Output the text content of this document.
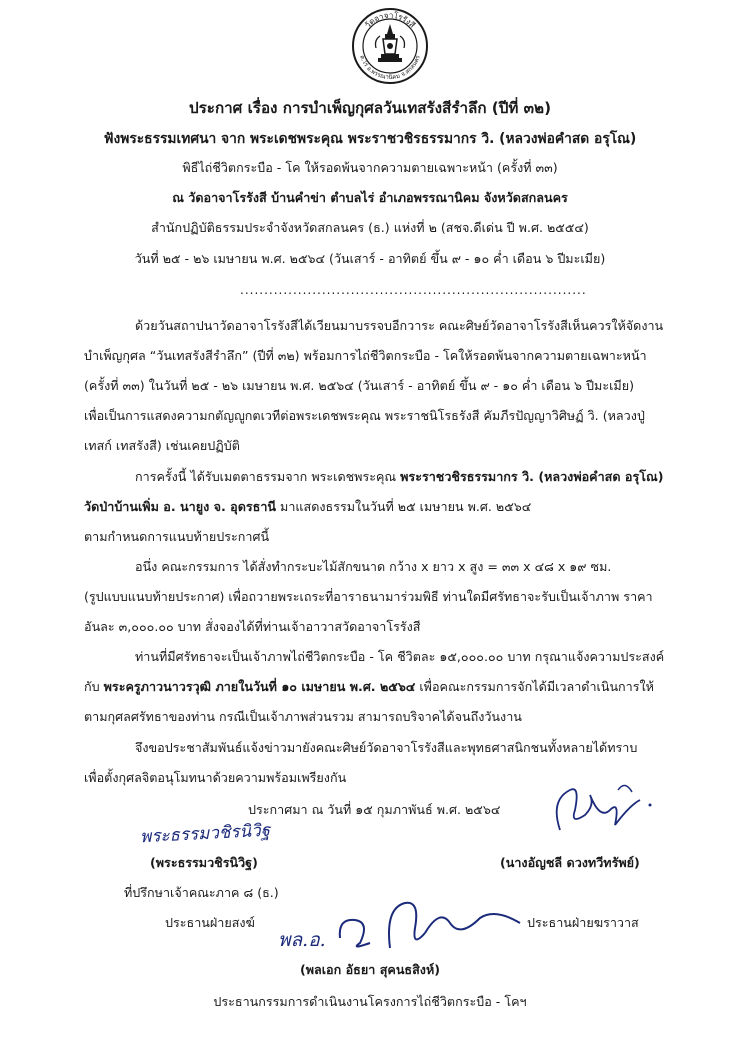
วัดอาจาโรรังสี
ต.ไร่ อ.พรรณานิคม จ.สกลนคร
ประกาศ เรื่อง การบำเพ็ญกุศลวันเทสรังสีรำลึก (ปีที่ ๓๒)
ฟังพระธรรมเทศนา จาก พระเดชพระคุณ พระราชวชิรธรรมากร วิ. (หลวงพ่อคำสด อรุโณ)
พิธีไถ่ชีวิตกระบือ - โค ให้รอดพ้นจากความตายเฉพาะหน้า (ครั้งที่ ๓๓)
ณ วัดอาจาโรรังสี บ้านคำข่า ตำบลไร่ อำเภอพรรณานิคม จังหวัดสกลนคร
สำนักปฏิบัติธรรมประจำจังหวัดสกลนคร (ธ.) แห่งที่ ๒ (สชจ.ดีเด่น ปี พ.ศ. ๒๕๕๔)
วันที่ ๒๕ - ๒๖ เมษายน พ.ศ. ๒๕๖๔ (วันเสาร์ - อาทิตย์ ขึ้น ๙ - ๑๐ ค่ำ เดือน ๖ ปีมะเมีย)
........................................................................
ด้วยวันสถาปนาวัดอาจาโรรังสีได้เวียนมาบรรจบอีกวาระ คณะศิษย์วัดอาจาโรรังสีเห็นควรให้จัดงาน
บำเพ็ญกุศล “วันเทสรังสีรำลึก” (ปีที่ ๓๒) พร้อมการไถ่ชีวิตกระบือ - โคให้รอดพ้นจากความตายเฉพาะหน้า
(ครั้งที่ ๓๓) ในวันที่ ๒๕ - ๒๖ เมษายน พ.ศ. ๒๕๖๔ (วันเสาร์ - อาทิตย์ ขึ้น ๙ - ๑๐ ค่ำ เดือน ๖ ปีมะเมีย)
เพื่อเป็นการแสดงความกตัญญูกตเวทีต่อพระเดชพระคุณ พระราชนิโรธรังสี คัมภีรปัญญาวิศิษฏ์ วิ. (หลวงปู่
เทสก์ เทสรังสี) เช่นเคยปฏิบัติ
การครั้งนี้ ได้รับเมตตาธรรมจาก พระเดชพระคุณ พระราชวชิรธรรมากร วิ. (หลวงพ่อคำสด อรุโณ)
วัดป่าบ้านเพิ่ม อ. นายูง จ. อุดรธานี มาแสดงธรรมในวันที่ ๒๕ เมษายน พ.ศ. ๒๕๖๔
ตามกำหนดการแนบท้ายประกาศนี้
อนึ่ง คณะกรรมการ ได้สั่งทำกระบะไม้สักขนาด กว้าง x ยาว x สูง = ๓๓ x ๔๘ x ๑๙ ซม.
(รูปแบบแนบท้ายประกาศ) เพื่อถวายพระเถระที่อาราธนามาร่วมพิธี ท่านใดมีศรัทธาจะรับเป็นเจ้าภาพ ราคา
อันละ ๓,๐๐๐.๐๐ บาท สั่งจองได้ที่ท่านเจ้าอาวาสวัดอาจาโรรังสี
ท่านที่มีศรัทธาจะเป็นเจ้าภาพไถ่ชีวิตกระบือ - โค ชีวิตละ ๑๕,๐๐๐.๐๐ บาท กรุณาแจ้งความประสงค์
กับ พระครูภาวนาวรวุฒิ ภายในวันที่ ๑๐ เมษายน พ.ศ. ๒๕๖๔ เพื่อคณะกรรมการจักได้มีเวลาดำเนินการให้
ตามกุศลศรัทธาของท่าน กรณีเป็นเจ้าภาพส่วนรวม สามารถบริจาคได้จนถึงวันงาน
จึงขอประชาสัมพันธ์แจ้งข่าวมายังคณะศิษย์วัดอาจาโรรังสีและพุทธศาสนิกชนทั้งหลายได้ทราบ
เพื่อตั้งกุศลจิตอนุโมทนาด้วยความพร้อมเพรียงกัน
ประกาศมา ณ วันที่ ๑๕ กุมภาพันธ์ พ.ศ. ๒๕๖๔
พระธรรมวชิรนิวิฐ
(พระธรรมวชิรนิวิฐ)
ที่ปรึกษาเจ้าคณะภาค ๘ (ธ.)
ประธานฝ่ายสงฆ์
(นางอัญชลี ดวงทวีทรัพย์)
ประธานฝ่ายฆราวาส
พล.อ.
(พลเอก อัธยา สุคนธสิงห์)
ประธานกรรมการดำเนินงานโครงการไถ่ชีวิตกระบือ - โคฯ
